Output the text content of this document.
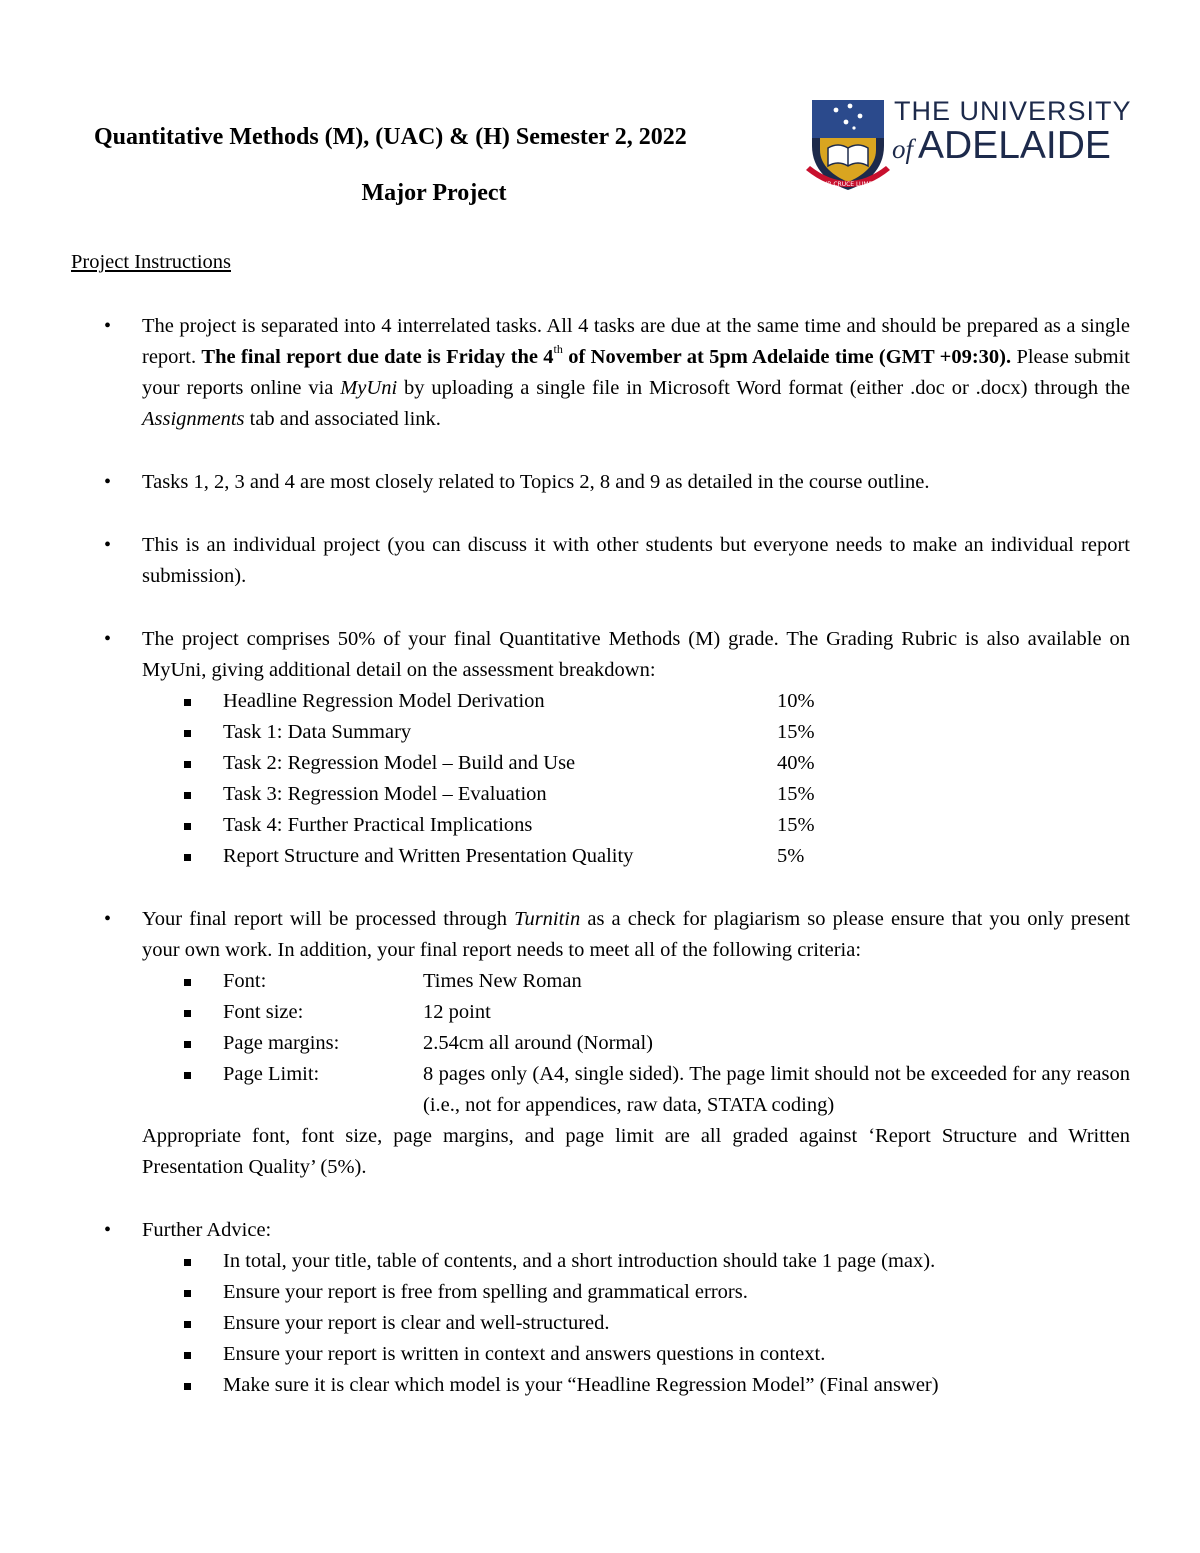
Quantitative Methods (M), (UAC) & (H) Semester 2, 2022
Major Project	SUB CRUCE LUMEN
THE UNIVERSITY
of ADELAIDE
Project Instructions
• The project is separated into 4 interrelated tasks. All 4 tasks are due at the same time and should be prepared as a single report. The final report due date is Friday the 4th of November at 5pm Adelaide time (GMT +09:30). Please submit your reports online via MyUni by uploading a single file in Microsoft Word format (either .doc or .docx) through the Assignments tab and associated link.
• Tasks 1, 2, 3 and 4 are most closely related to Topics 2, 8 and 9 as detailed in the course outline.
• This is an individual project (you can discuss it with other students but everyone needs to make an individual report submission).
• The project comprises 50% of your final Quantitative Methods (M) grade. The Grading Rubric is also available on MyUni, giving additional detail on the assessment breakdown:
Headline Regression Model Derivation	10%
Task 1: Data Summary	15%
Task 2: Regression Model – Build and Use	40%
Task 3: Regression Model – Evaluation	15%
Task 4: Further Practical Implications	15%
Report Structure and Written Presentation Quality	5%
• Your final report will be processed through Turnitin as a check for plagiarism so please ensure that you only present your own work. In addition, your final report needs to meet all of the following criteria:
Font:	Times New Roman
Font size:	12 point
Page margins:	2.54cm all around (Normal)
Page Limit:	8 pages only (A4, single sided). The page limit should not be exceeded for any reason (i.e., not for appendices, raw data, STATA coding)
Appropriate font, font size, page margins, and page limit are all graded against ‘Report Structure and Written Presentation Quality’ (5%).
• Further Advice:
In total, your title, table of contents, and a short introduction should take 1 page (max).
Ensure your report is free from spelling and grammatical errors.
Ensure your report is clear and well-structured.
Ensure your report is written in context and answers questions in context.
Make sure it is clear which model is your “Headline Regression Model” (Final answer)
